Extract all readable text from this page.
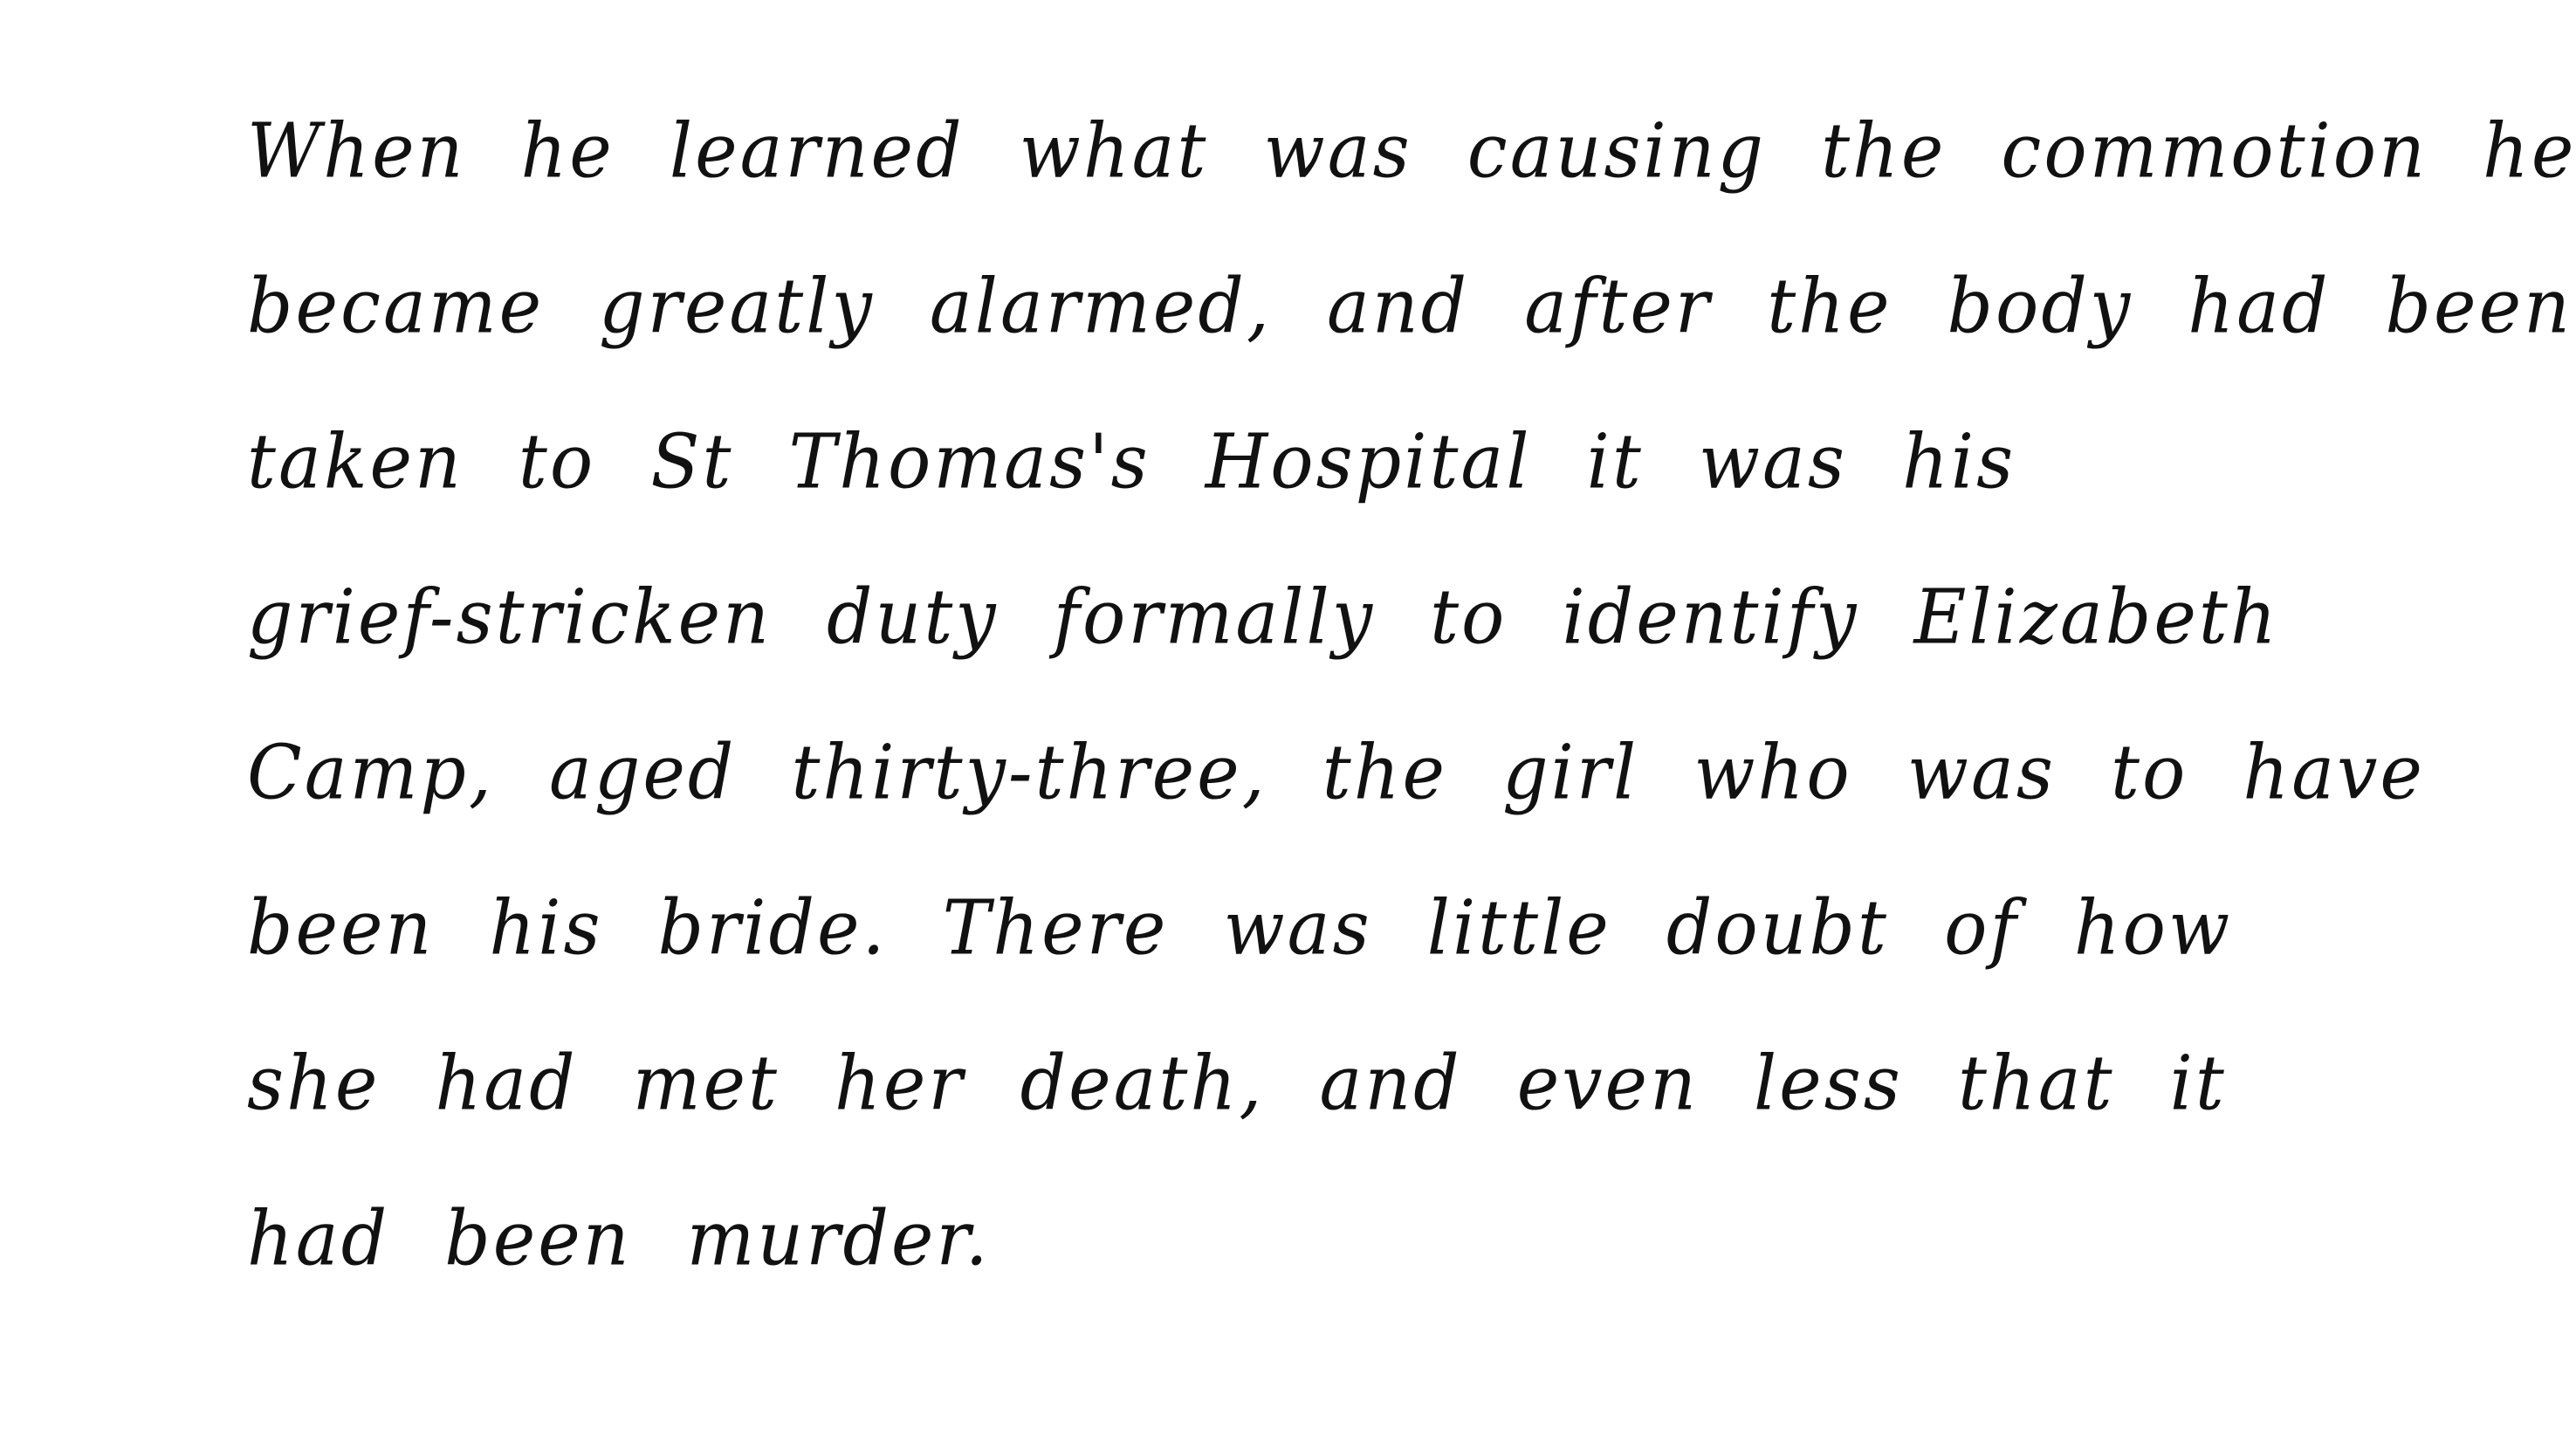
When he learned what was causing the commotion he
became greatly alarmed, and after the body had been
taken to St Thomas's Hospital it was his
grief-stricken duty formally to identify Elizabeth
Camp, aged thirty-three, the girl who was to have
been his bride. There was little doubt of how
she had met her death, and even less that it
had been murder.
